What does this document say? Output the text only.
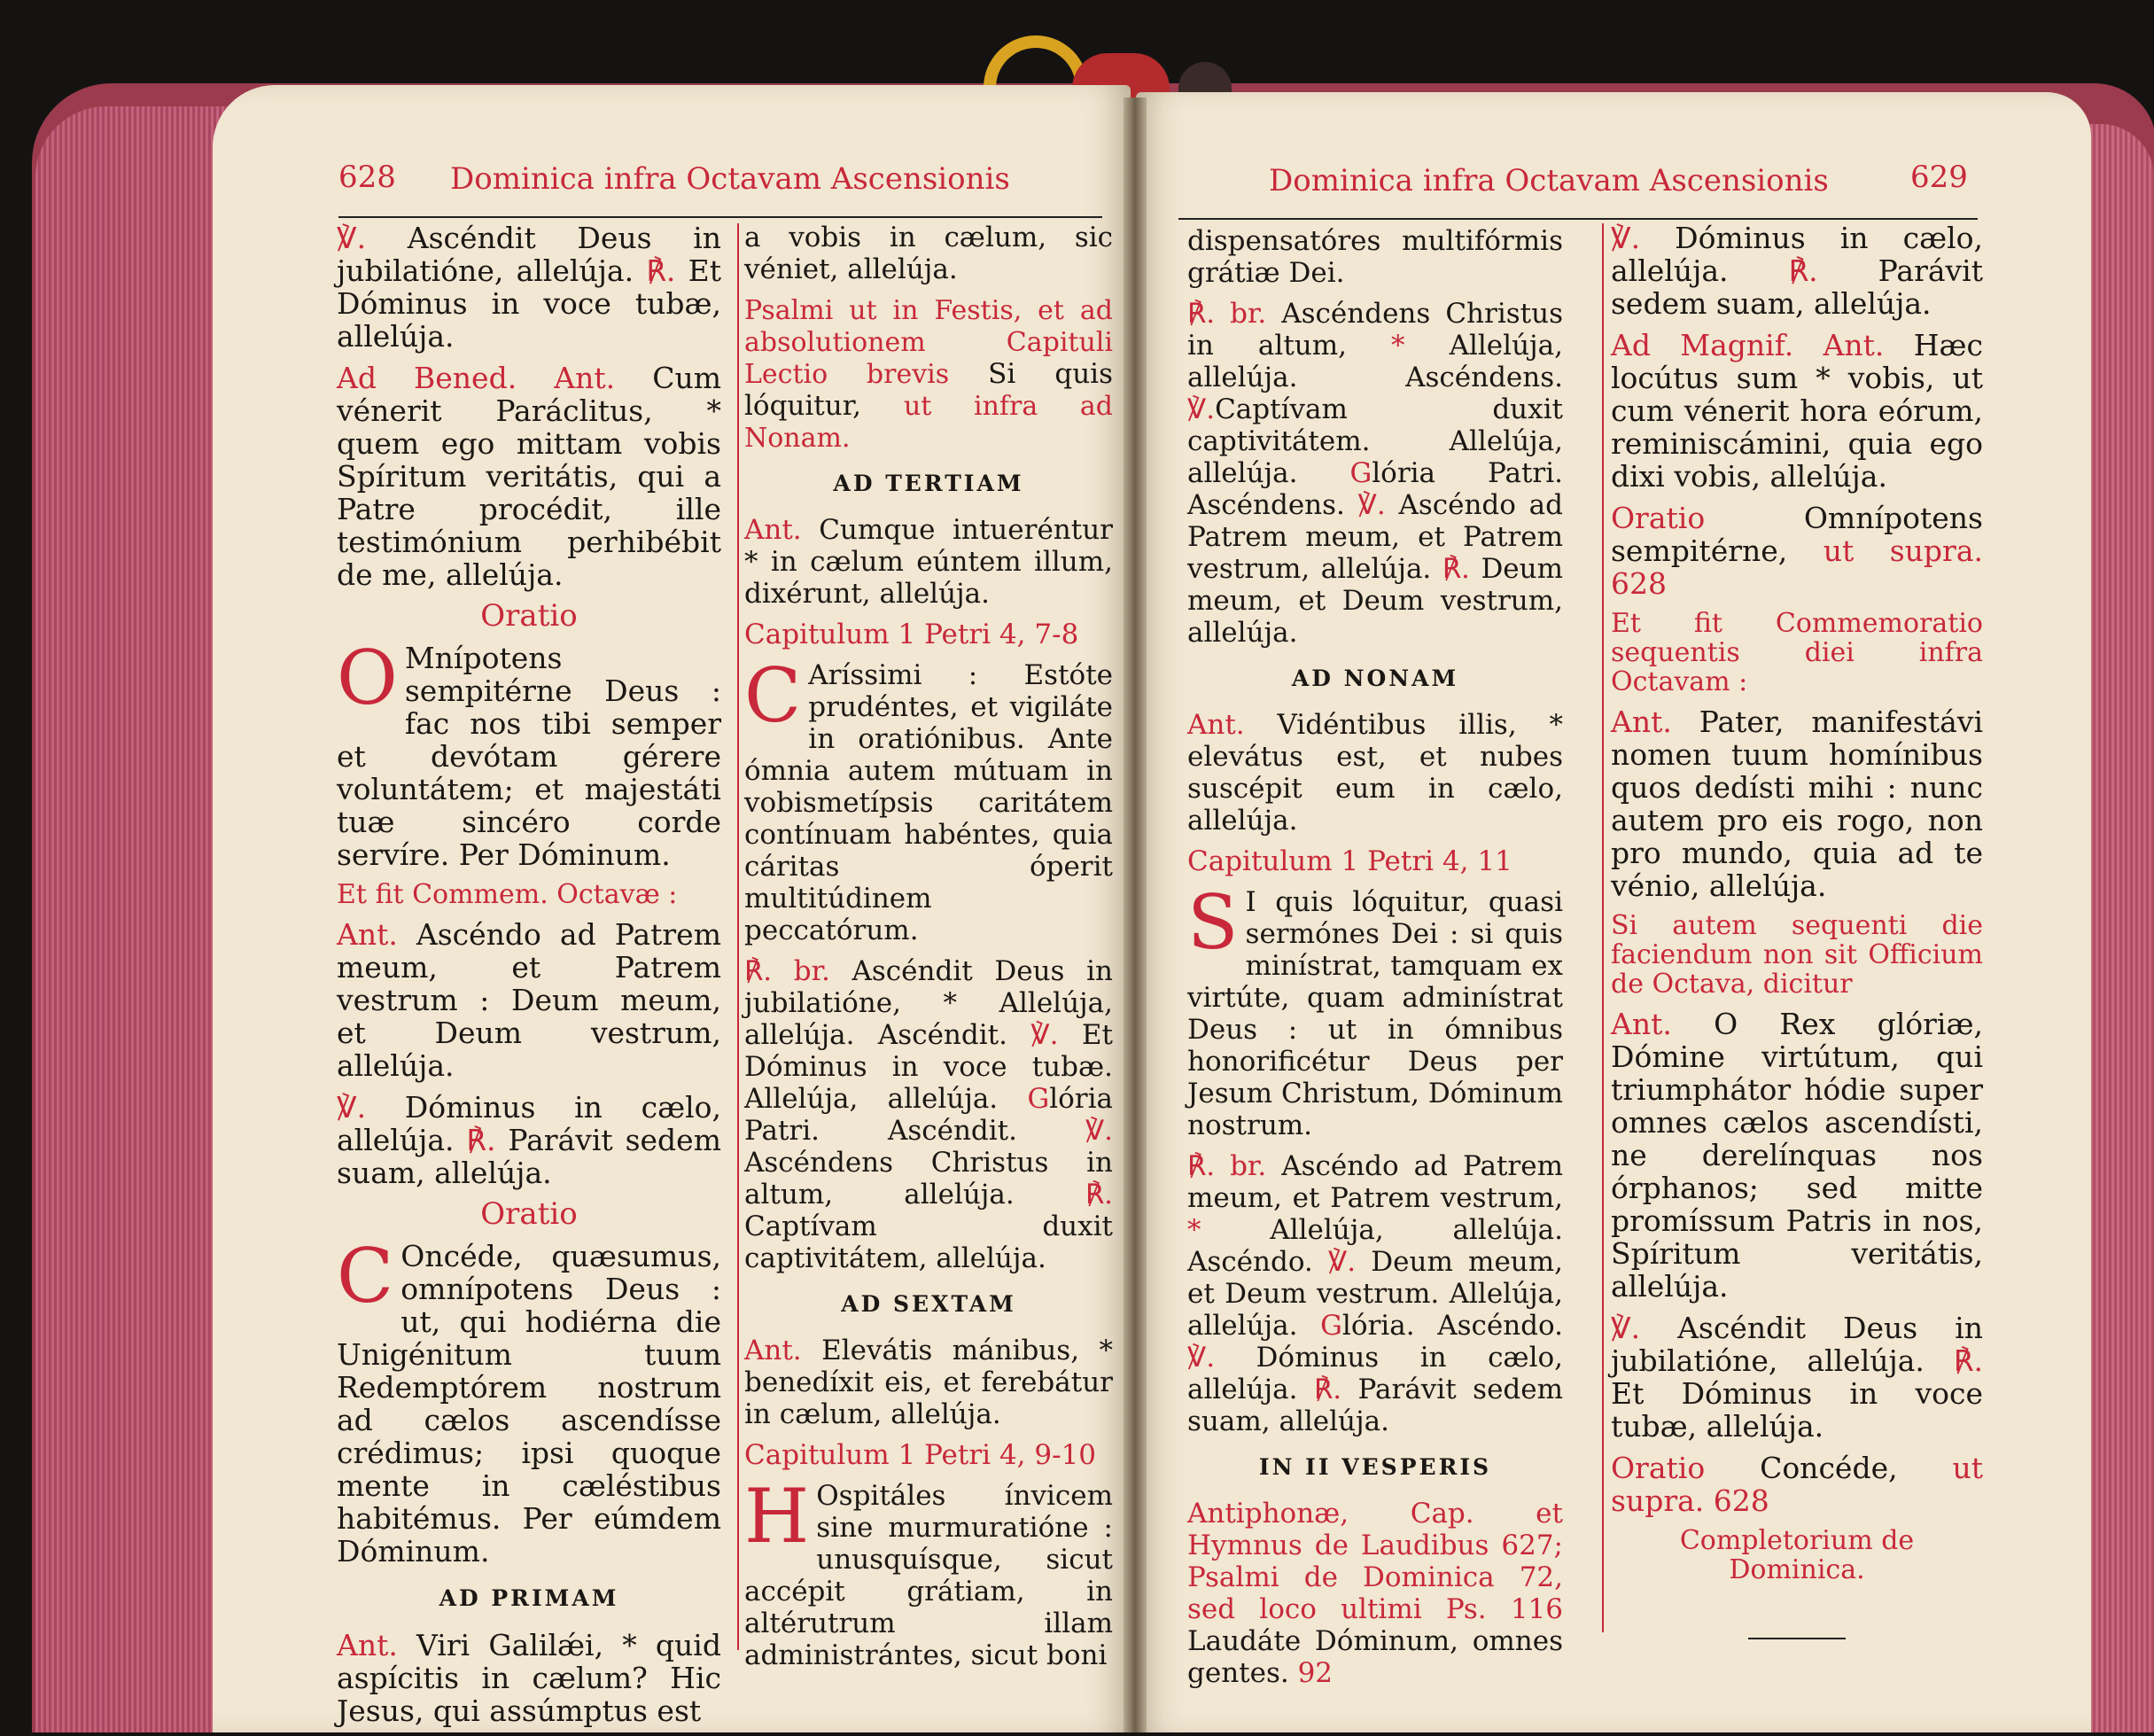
628 Dominica infra Octavam Ascensionis	Dominica infra Octavam Ascensionis	629

℣. Ascéndit Deus in jubilatióne, allelúja. ℟. Et Dóminus in voce tubæ, allelúja.

Ad Bened. Ant. Cum vénerit Paráclitus, * quem ego mittam vobis Spíritum veritátis, qui a Patre procédit, ille testimónium perhibébit de me, allelúja.

Oratio

O Mnípotens sempitérne Deus : fac nos tibi semper et devótam gérere voluntátem; et majestáti tuæ sincéro corde servíre. Per Dóminum.

Et fit Commem. Octavæ :

Ant. Ascéndo ad Patrem meum, et Patrem vestrum : Deum meum, et Deum vestrum, allelúja.

℣. Dóminus in cælo, allelúja. ℟. Parávit sedem suam, allelúja.

Oratio

C Oncéde, quæsumus, omnípotens Deus : ut, qui hodiérna die Unigénitum tuum Redemptórem nostrum ad cælos ascendísse crédimus; ipsi quoque mente in cæléstibus habitémus. Per eúmdem Dóminum.

AD PRIMAM

Ant. Viri Galilǽi, * quid aspícitis in cælum? Hic Jesus, qui assúmptus est

a vobis in cælum, sic véniet, allelúja.

Psalmi ut in Festis, et ad absolutionem Capituli Lectio brevis Si quis lóquitur, ut infra ad Nonam.

AD TERTIAM

Ant. Cumque intueréntur * in cælum eúntem illum, dixérunt, allelúja.

Capitulum 1 Petri 4, 7-8

C Aríssimi : Estóte prudéntes, et vigiláte in oratiónibus. Ante ómnia autem mútuam in vobismetípsis caritátem contínuam habéntes, quia cáritas óperit multitúdinem peccatórum.

℟. br. Ascéndit Deus in jubilatióne, * Allelúja, allelúja. Ascéndit. ℣. Et Dóminus in voce tubæ. Allelúja, allelúja. Glória Patri. Ascéndit. ℣. Ascéndens Christus in altum, allelúja. ℟. Captívam duxit captivitátem, allelúja.

AD SEXTAM

Ant. Elevátis mánibus, * benedíxit eis, et ferebátur in cælum, allelúja.

Capitulum 1 Petri 4, 9-10

H Ospitáles ínvicem sine murmuratióne : unusquísque, sicut accépit grátiam, in altérutrum illam administrántes, sicut boni

dispensatóres multifórmis grátiæ Dei.

℟. br. Ascéndens Christus in altum, * Allelúja, allelúja. Ascéndens. ℣.Captívam duxit captivitátem. Allelúja, allelúja. Glória Patri. Ascéndens. ℣. Ascéndo ad Patrem meum, et Patrem vestrum, allelúja. ℟. Deum meum, et Deum vestrum, allelúja.

AD NONAM

Ant. Vidéntibus illis, * elevátus est, et nubes suscépit eum in cælo, allelúja.

Capitulum 1 Petri 4, 11

S I quis lóquitur, quasi sermónes Dei : si quis minístrat, tamquam ex virtúte, quam adminístrat Deus : ut in ómnibus honorificétur Deus per Jesum Christum, Dóminum nostrum.

℟. br. Ascéndo ad Patrem meum, et Patrem vestrum, * Allelúja, allelúja. Ascéndo. ℣. Deum meum, et Deum vestrum. Allelúja, allelúja. Glória. Ascéndo. ℣. Dóminus in cælo, allelúja. ℟. Parávit sedem suam, allelúja.

IN II VESPERIS

Antiphonæ, Cap. et Hymnus de Laudibus 627; Psalmi de Dominica 72, sed loco ultimi Ps. 116 Laudáte Dóminum, omnes gentes. 92

℣. Dóminus in cælo, allelúja. ℟. Parávit sedem suam, allelúja.

Ad Magnif. Ant. Hæc locútus sum * vobis, ut cum vénerit hora eórum, reminiscámini, quia ego dixi vobis, allelúja.

Oratio Omnípotens sempitérne, ut supra. 628

Et fit Commemoratio sequentis diei infra Octavam :

Ant. Pater, manifestávi nomen tuum homínibus quos dedísti mihi : nunc autem pro eis rogo, non pro mundo, quia ad te vénio, allelúja.

Si autem sequenti die faciendum non sit Officium de Octava, dicitur

Ant. O Rex glóriæ, Dómine virtútum, qui triumphátor hódie super omnes cælos ascendísti, ne derelínquas nos órphanos; sed mitte promíssum Patris in nos, Spíritum veritátis, allelúja.

℣. Ascéndit Deus in jubilatióne, allelúja. ℟. Et Dóminus in voce tubæ, allelúja.

Oratio Concéde, ut supra. 628

Completorium de Dominica.
